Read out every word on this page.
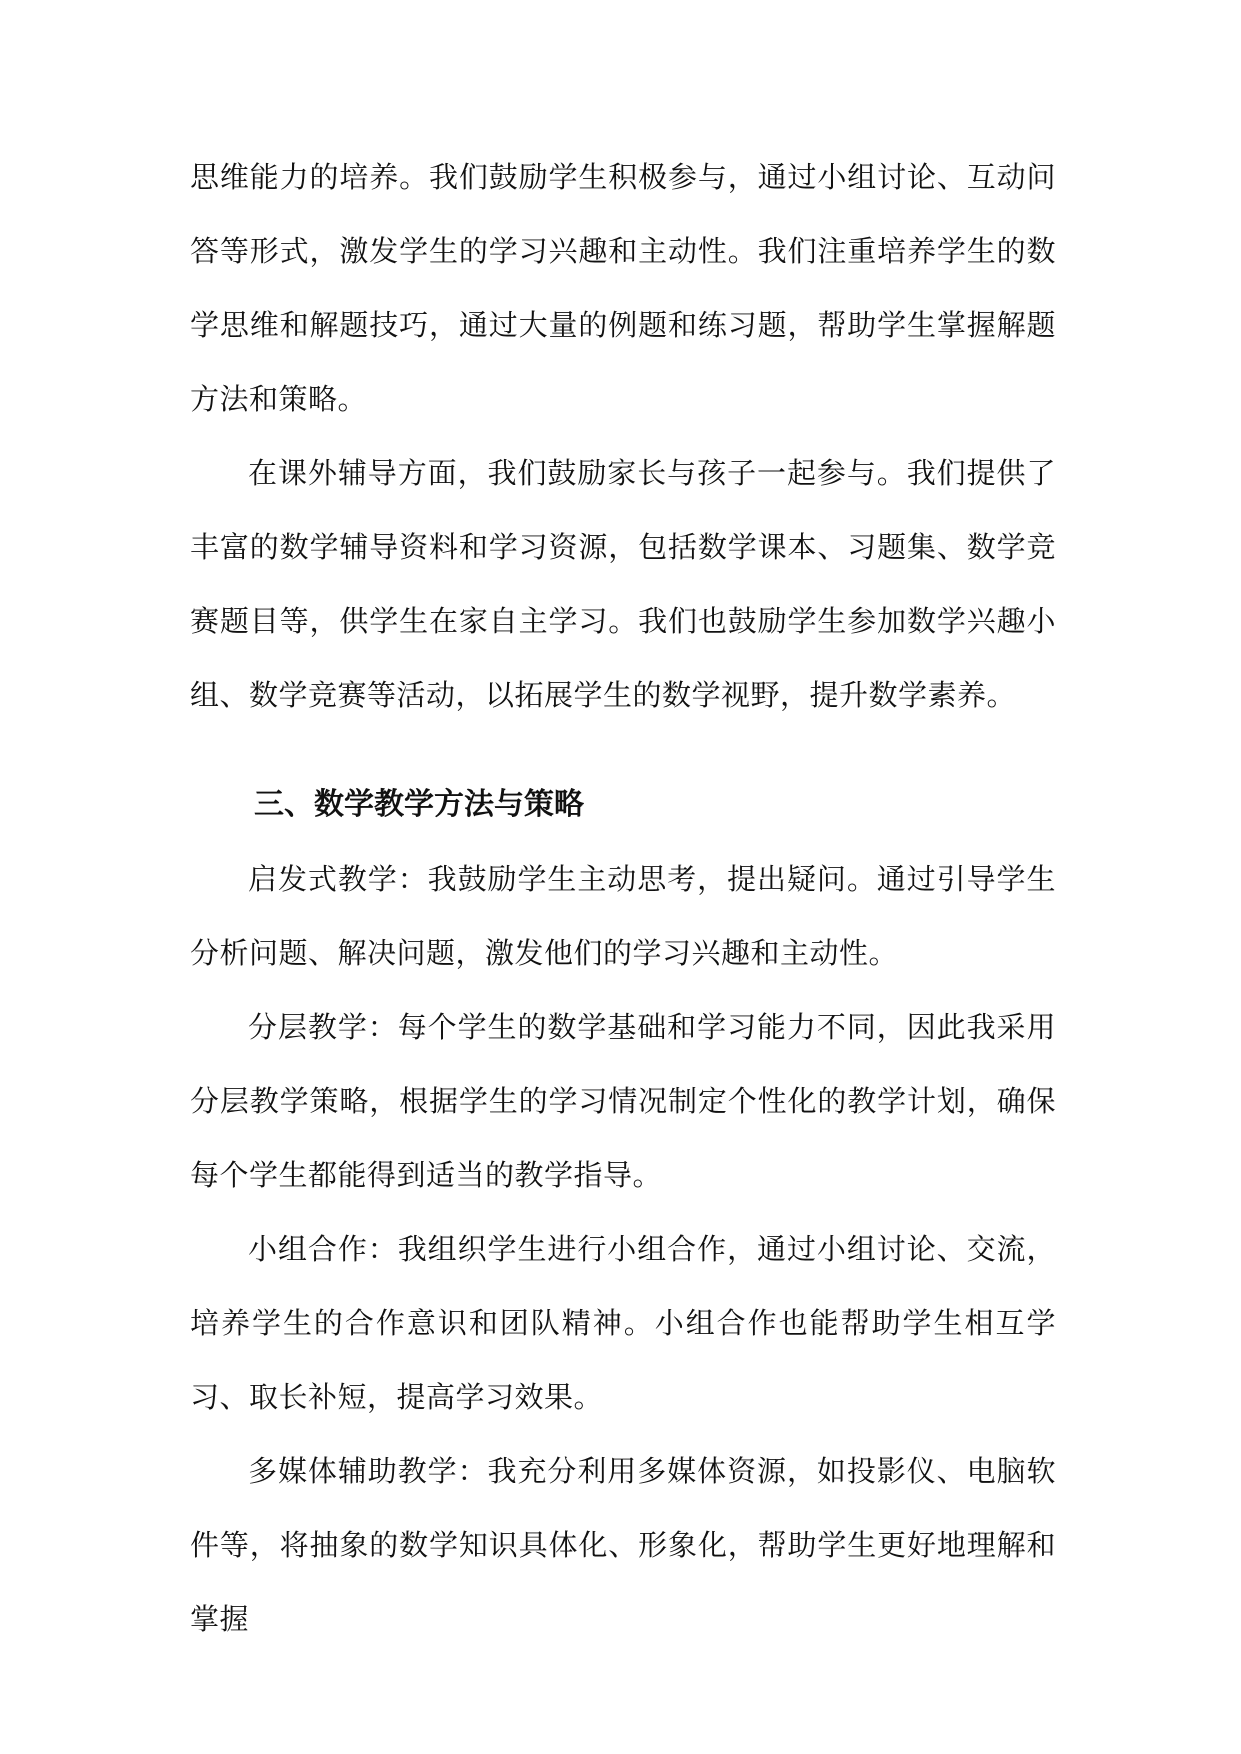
思维能力的培养。我们鼓励学生积极参与，通过小组讨论、互动问答等形式，激发学生的学习兴趣和主动性。我们注重培养学生的数学思维和解题技巧，通过大量的例题和练习题，帮助学生掌握解题方法和策略。

在课外辅导方面，我们鼓励家长与孩子一起参与。我们提供了丰富的数学辅导资料和学习资源，包括数学课本、习题集、数学竞赛题目等，供学生在家自主学习。我们也鼓励学生参加数学兴趣小组、数学竞赛等活动，以拓展学生的数学视野，提升数学素养。

三、数学教学方法与策略

启发式教学：我鼓励学生主动思考，提出疑问。通过引导学生分析问题、解决问题，激发他们的学习兴趣和主动性。

分层教学：每个学生的数学基础和学习能力不同，因此我采用分层教学策略，根据学生的学习情况制定个性化的教学计划，确保每个学生都能得到适当的教学指导。

小组合作：我组织学生进行小组合作，通过小组讨论、交流，培养学生的合作意识和团队精神。小组合作也能帮助学生相互学习、取长补短，提高学习效果。

多媒体辅助教学：我充分利用多媒体资源，如投影仪、电脑软件等，将抽象的数学知识具体化、形象化，帮助学生更好地理解和掌握
